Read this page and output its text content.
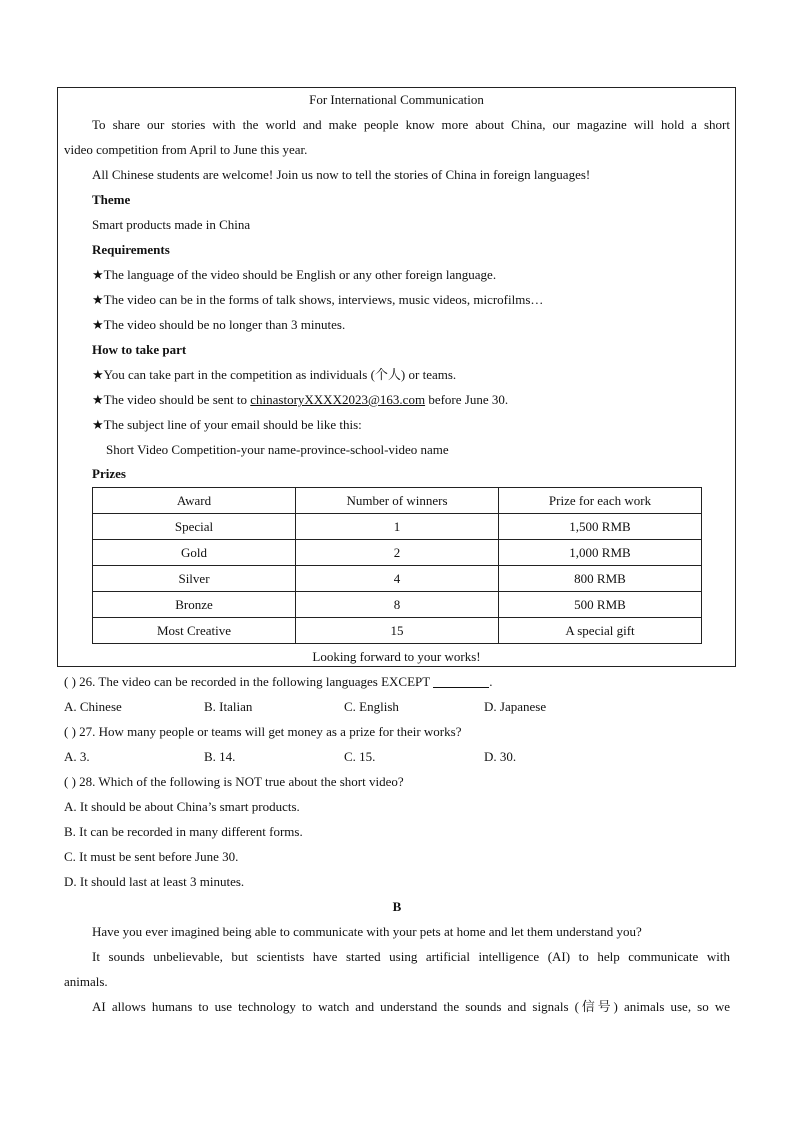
For International Communication
To share our stories with the world and make people know more about China, our magazine will hold a short
video competition from April to June this year.
All Chinese students are welcome! Join us now to tell the stories of China in foreign languages!
Theme
Smart products made in China
Requirements
★The language of the video should be English or any other foreign language.
★The video can be in the forms of talk shows, interviews, music videos, microfilms…
★The video should be no longer than 3 minutes.
How to take part
★You can take part in the competition as individuals (个人) or teams.
★The video should be sent to chinastoryXXXX2023@163.com before June 30.
★The subject line of your email should be like this:
Short Video Competition-your name-province-school-video name
Prizes
Award	Number of winners	Prize for each work
Special	1	1,500 RMB
Gold	2	1,000 RMB
Silver	4	800 RMB
Bronze	8	500 RMB
Most Creative	15	A special gift
Looking forward to your works!
( ) 26. The video can be recorded in the following languages EXCEPT	.
A. Chinese	B. Italian	C. English	D. Japanese
( ) 27. How many people or teams will get money as a prize for their works?
A. 3.	B. 14.	C. 15.	D. 30.
( ) 28. Which of the following is NOT true about the short video?
A. It should be about China’s smart products.
B. It can be recorded in many different forms.
C. It must be sent before June 30.
D. It should last at least 3 minutes.
B
Have you ever imagined being able to communicate with your pets at home and let them understand you?
It sounds unbelievable, but scientists have started using artificial intelligence (AI) to help communicate with
animals.
AI allows humans to use technology to watch and understand the sounds and signals (信号) animals use, so we
